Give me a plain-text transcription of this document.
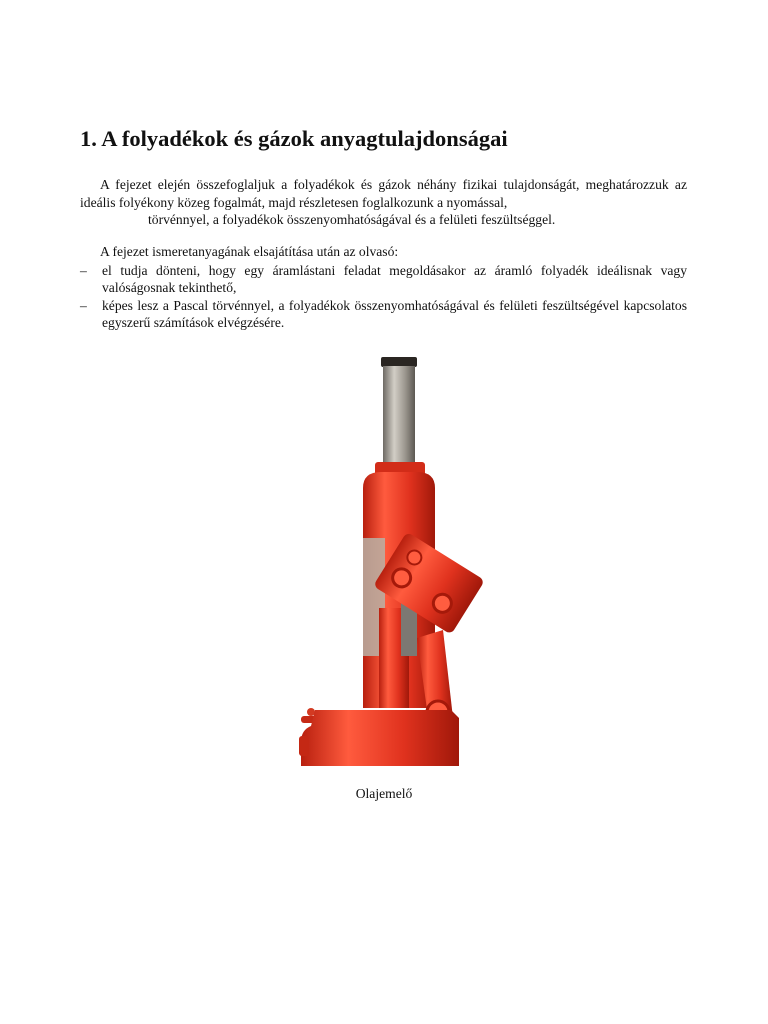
1. A folyadékok és gázok anyagtulajdonságai

A fejezet elején összefoglaljuk a folyadékok és gázok néhány fizikai tulajdonságát, meghatározzuk az ideális folyékony közeg fogalmát, majd részletesen foglalkozunk a nyomással,
törvénnyel, a folyadékok összenyomhatóságával és a felületi feszültséggel.

A fejezet ismeretanyagának elsajátítása után az olvasó:

– el tudja dönteni, hogy egy áramlástani feladat megoldásakor az áramló folyadék ideálisnak vagy valóságosnak tekinthető,
– képes lesz a Pascal törvénnyel, a folyadékok összenyomhatóságával és felületi feszültségével kapcsolatos egyszerű számítások elvégzésére.

Olajemelő
